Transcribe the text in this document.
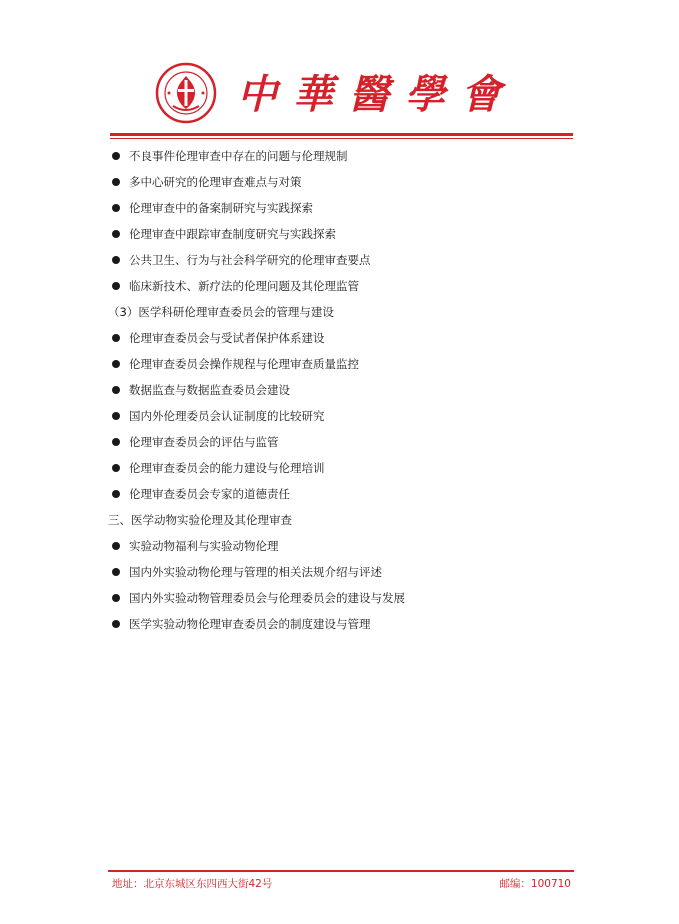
中華醫學會
不良事件伦理审查中存在的问题与伦理规制
多中心研究的伦理审查难点与对策
伦理审查中的备案制研究与实践探索
伦理审查中跟踪审查制度研究与实践探索
公共卫生、行为与社会科学研究的伦理审查要点
临床新技术、新疗法的伦理问题及其伦理监管
（3）医学科研伦理审查委员会的管理与建设
伦理审查委员会与受试者保护体系建设
伦理审查委员会操作规程与伦理审查质量监控
数据监查与数据监查委员会建设
国内外伦理委员会认证制度的比较研究
伦理审查委员会的评估与监管
伦理审查委员会的能力建设与伦理培训
伦理审查委员会专家的道德责任
三、医学动物实验伦理及其伦理审查
实验动物福利与实验动物伦理
国内外实验动物伦理与管理的相关法规介绍与评述
国内外实验动物管理委员会与伦理委员会的建设与发展
医学实验动物伦理审查委员会的制度建设与管理
地址：北京东城区东四西大街42号	邮编：100710
